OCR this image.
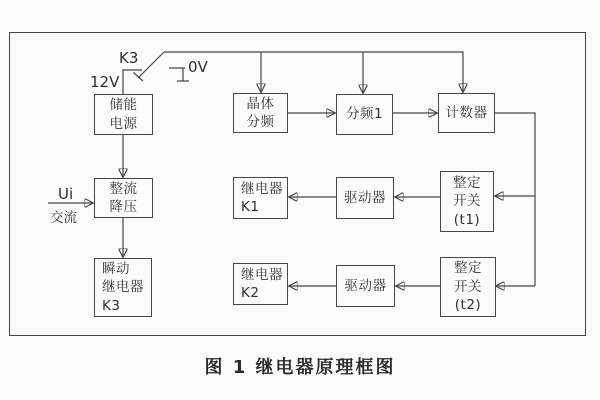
K3
12V
0V
Ui
交流
储能
电源
晶体
分频	分频1	计数器
整流
降压
继电器
K1
驱动器
整定
开关
(t1)
瞬动
继电器
K3
继电器
K2	驱动器
整定
开关
(t2)
图 1 继电器原理框图
